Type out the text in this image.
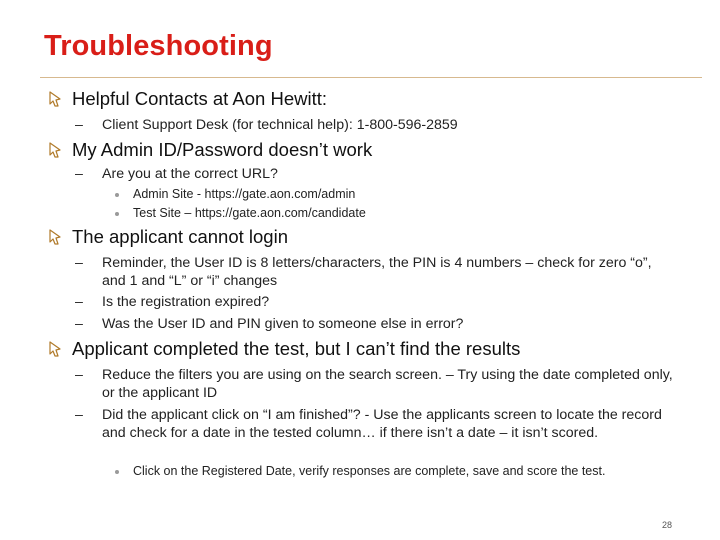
Troubleshooting
Helpful Contacts at Aon Hewitt:
– Client Support Desk (for technical help): 1-800-596-2859
My Admin ID/Password doesn’t work
– Are you at the correct URL?
Admin Site - https://gate.aon.com/admin
Test Site – https://gate.aon.com/candidate
The applicant cannot login
– Reminder, the User ID is 8 letters/characters, the PIN is 4 numbers – check for zero “o”, and 1 and “L” or “i” changes
– Is the registration expired?
– Was the User ID and PIN given to someone else in error?
Applicant completed the test, but I can’t find the results
– Reduce the filters you are using on the search screen. – Try using the date completed only, or the applicant ID
– Did the applicant click on “I am finished”? - Use the applicants screen to locate the record and check for a date in the tested column… if there isn’t a date – it isn’t scored.
Click on the Registered Date, verify responses are complete, save and score the test.
28
